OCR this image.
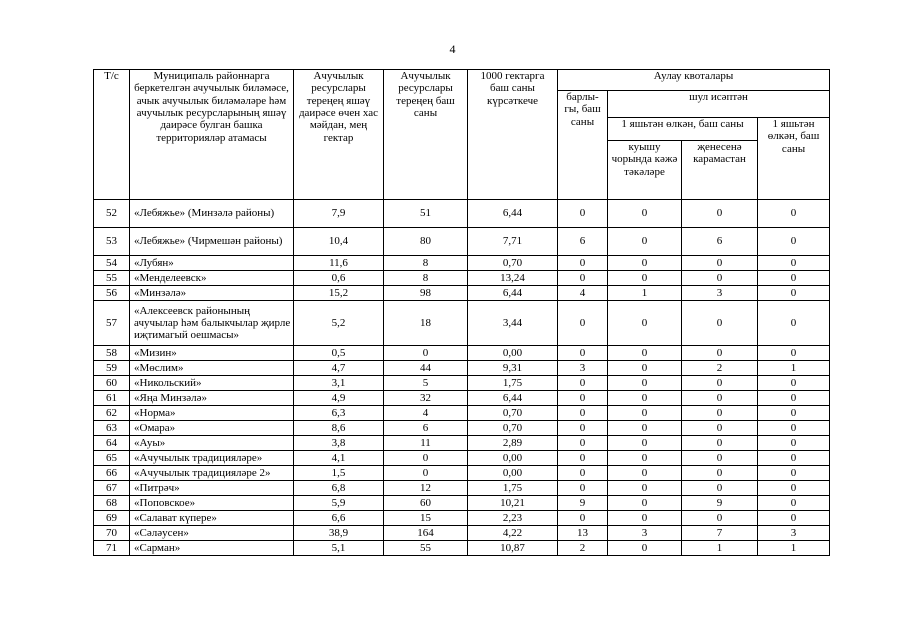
4
Т/с	Муниципаль районнарга беркетелгән ачучылык биләмәсе, ачык ачучылык биләмәләре һәм ачучылык ресурсларының яшәү даирәсе булган башка территорияләр атамасы	Ачучылык ресурслары тереңең яшәү даирәсе өчен хас мәйдан, мең гектар	Ачучылык ресурслары тереңең баш саны	1000 гектарга баш саны күрсәткече	Аулау квоталары			
					барлы-гы, баш саны	шул исәптән		
						1 яшьтән өлкән, баш саны		1 яшьтән өлкән, баш саны
						куышу чорында кәжә тәкәләре	җенесенә карамастан	
52	«Лебяжье» (Минзәлә районы)	7,9	51	6,44	0	0	0	0
53	«Лебяжье» (Чирмешән районы)	10,4	80	7,71	6	0	6	0
54	«Лубян»	11,6	8	0,70	0	0	0	0
55	«Менделеевск»	0,6	8	13,24	0	0	0	0
56	«Минзәлә»	15,2	98	6,44	4	1	3	0
57	«Алексеевск районының ачучылар һәм балыкчылар җирле иҗтимагый оешмасы»	5,2	18	3,44	0	0	0	0
58	«Мизин»	0,5	0	0,00	0	0	0	0
59	«Мөслим»	4,7	44	9,31	3	0	2	1
60	«Никольский»	3,1	5	1,75	0	0	0	0
61	«Яңа Минзәлә»	4,9	32	6,44	0	0	0	0
62	«Норма»	6,3	4	0,70	0	0	0	0
63	«Омара»	8,6	6	0,70	0	0	0	0
64	«Ауы»	3,8	11	2,89	0	0	0	0
65	«Ачучылык традицияләре»	4,1	0	0,00	0	0	0	0
66	«Ачучылык традицияләре 2»	1,5	0	0,00	0	0	0	0
67	«Питрәч»	6,8	12	1,75	0	0	0	0
68	«Поповское»	5,9	60	10,21	9	0	9	0
69	«Салават күпере»	6,6	15	2,23	0	0	0	0
70	«Сәләусен»	38,9	164	4,22	13	3	7	3
71	«Сарман»	5,1	55	10,87	2	0	1	1
